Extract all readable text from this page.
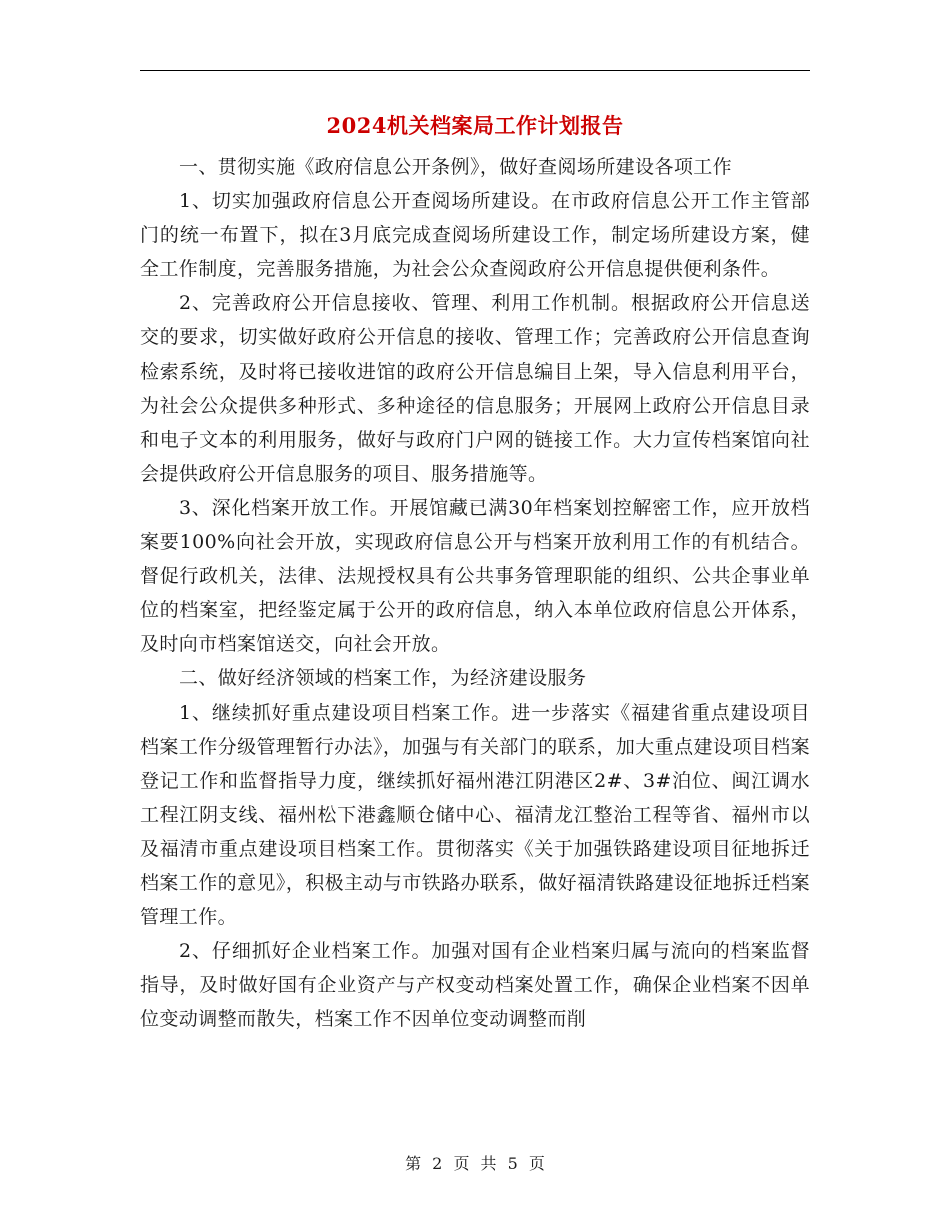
2024机关档案局工作计划报告

一、贯彻实施《政府信息公开条例》，做好查阅场所建设各项工作

1、切实加强政府信息公开查阅场所建设。在市政府信息公开工作主管部门的统一布置下，拟在3月底完成查阅场所建设工作，制定场所建设方案，健全工作制度，完善服务措施，为社会公众查阅政府公开信息提供便利条件。

2、完善政府公开信息接收、管理、利用工作机制。根据政府公开信息送交的要求，切实做好政府公开信息的接收、管理工作；完善政府公开信息查询检索系统，及时将已接收进馆的政府公开信息编目上架，导入信息利用平台，为社会公众提供多种形式、多种途径的信息服务；开展网上政府公开信息目录和电子文本的利用服务，做好与政府门户网的链接工作。大力宣传档案馆向社会提供政府公开信息服务的项目、服务措施等。

3、深化档案开放工作。开展馆藏已满30年档案划控解密工作，应开放档案要100%向社会开放，实现政府信息公开与档案开放利用工作的有机结合。督促行政机关，法律、法规授权具有公共事务管理职能的组织、公共企事业单位的档案室，把经鉴定属于公开的政府信息，纳入本单位政府信息公开体系，及时向市档案馆送交，向社会开放。

二、做好经济领域的档案工作，为经济建设服务

1、继续抓好重点建设项目档案工作。进一步落实《福建省重点建设项目档案工作分级管理暂行办法》，加强与有关部门的联系，加大重点建设项目档案登记工作和监督指导力度，继续抓好福州港江阴港区2#、3#泊位、闽江调水工程江阴支线、福州松下港鑫顺仓储中心、福清龙江整治工程等省、福州市以及福清市重点建设项目档案工作。贯彻落实《关于加强铁路建设项目征地拆迁档案工作的意见》，积极主动与市铁路办联系，做好福清铁路建设征地拆迁档案管理工作。

2、仔细抓好企业档案工作。加强对国有企业档案归属与流向的档案监督指导，及时做好国有企业资产与产权变动档案处置工作，确保企业档案不因单位变动调整而散失，档案工作不因单位变动调整而削

第 2 页 共 5 页
